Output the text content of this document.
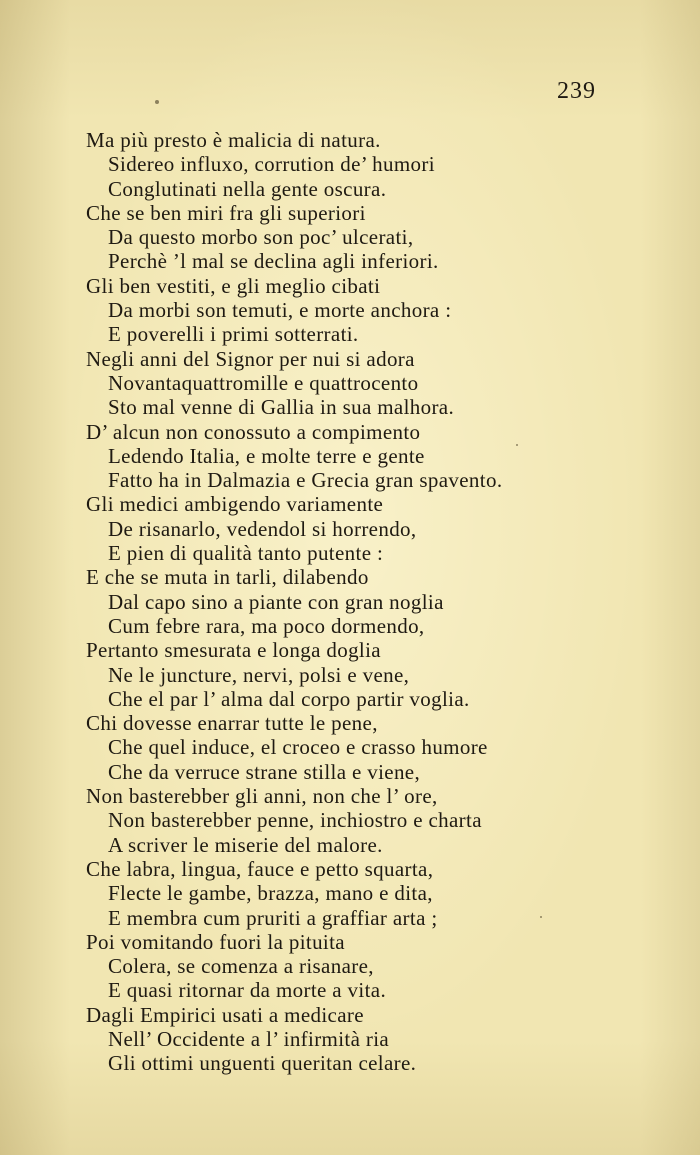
239
Ma più presto è malicia di natura.
Sidereo influxo, corrution de’ humori
Conglutinati nella gente oscura.
Che se ben miri fra gli superiori
Da questo morbo son poc’ ulcerati,
Perchè ’l mal se declina agli inferiori.
Gli ben vestiti, e gli meglio cibati
Da morbi son temuti, e morte anchora :
E poverelli i primi sotterrati.
Negli anni del Signor per nui si adora
Novantaquattromille e quattrocento
Sto mal venne di Gallia in sua malhora.
D’ alcun non conossuto a compimento
Ledendo Italia, e molte terre e gente
Fatto ha in Dalmazia e Grecia gran spavento.
Gli medici ambigendo variamente
De risanarlo, vedendol si horrendo,
E pien di qualità tanto putente :
E che se muta in tarli, dilabendo
Dal capo sino a piante con gran noglia
Cum febre rara, ma poco dormendo,
Pertanto smesurata e longa doglia
Ne le juncture, nervi, polsi e vene,
Che el par l’ alma dal corpo partir voglia.
Chi dovesse enarrar tutte le pene,
Che quel induce, el croceo e crasso humore
Che da verruce strane stilla e viene,
Non basterebber gli anni, non che l’ ore,
Non basterebber penne, inchiostro e charta
A scriver le miserie del malore.
Che labra, lingua, fauce e petto squarta,
Flecte le gambe, brazza, mano e dita,
E membra cum pruriti a graffiar arta ;
Poi vomitando fuori la pituita
Colera, se comenza a risanare,
E quasi ritornar da morte a vita.
Dagli Empirici usati a medicare
Nell’ Occidente a l’ infirmità ria
Gli ottimi unguenti queritan celare.
